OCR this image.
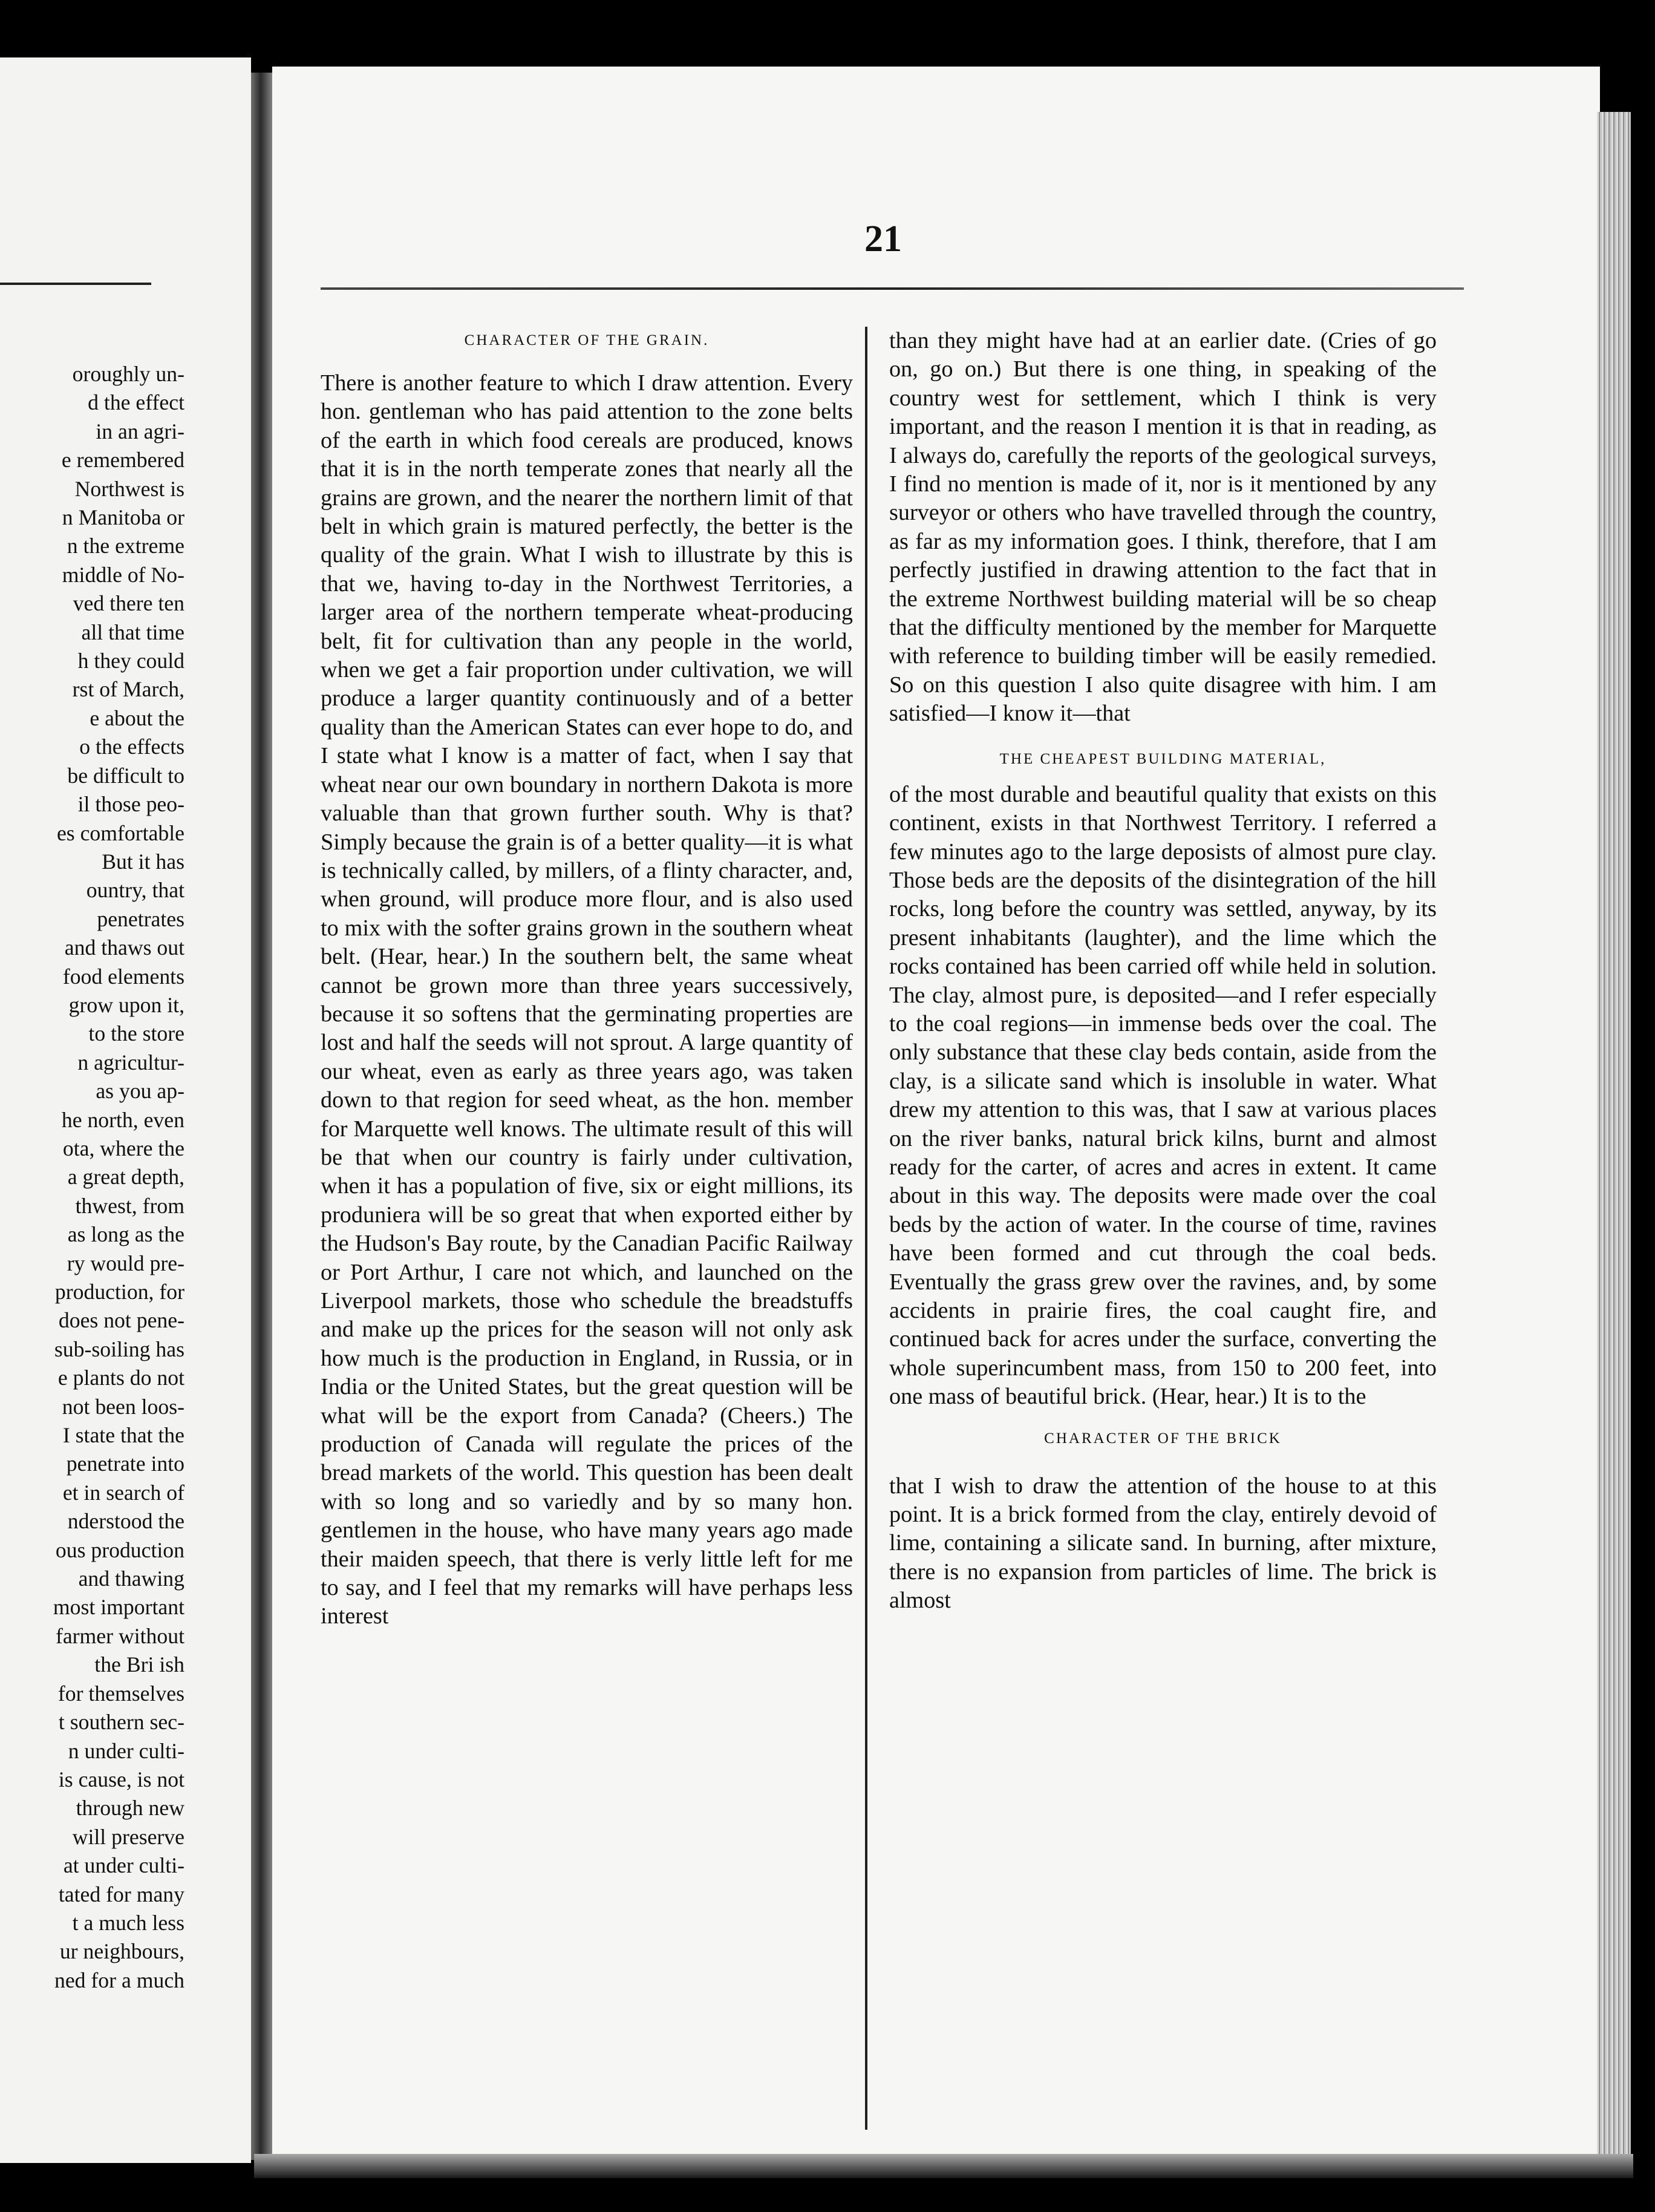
oroughly un-
d the effect
in an agri-
e remembered
Northwest is
n Manitoba or
n the extreme
middle of No-
ved there ten
all that time
h they could
rst of March,
e about the
o the effects
be difficult to
il those peo-
es comfortable
But it has
ountry, that
penetrates
and thaws out
food elements
grow upon it,
to the store
n agricultur-
as you ap-
he north, even
ota, where the
a great depth,
thwest, from
as long as the
ry would pre-
production, for
does not pene-
sub-soiling has
e plants do not
not been loos-
I state that the
penetrate into
et in search of
nderstood the
ous production
and thawing
most important
farmer without
the Bri ish
for themselves
t southern sec-
n under culti-
is cause, is not
through new
will preserve
at under culti-
tated for many
t a much less
ur neighbours,
ned for a much
21

CHARACTER OF THE GRAIN.

There is another feature to which I draw attention. Every hon. gentleman who has paid attention to the zone belts of the earth in which food cereals are produced, knows that it is in the north temperate zones that nearly all the grains are grown, and the nearer the northern limit of that belt in which grain is matured perfectly, the better is the quality of the grain. What I wish to illustrate by this is that we, having to-day in the Northwest Territories, a larger area of the northern temperate wheat-producing belt, fit for cultivation than any people in the world, when we get a fair proportion under cultivation, we will produce a larger quantity continuously and of a better quality than the American States can ever hope to do, and I state what I know is a matter of fact, when I say that wheat near our own boundary in northern Dakota is more valuable than that grown further south. Why is that? Simply because the grain is of a better quality—it is what is technically called, by millers, of a flinty character, and, when ground, will produce more flour, and is also used to mix with the softer grains grown in the southern wheat belt. (Hear, hear.) In the southern belt, the same wheat cannot be grown more than three years successively, because it so softens that the germinating properties are lost and half the seeds will not sprout. A large quantity of our wheat, even as early as three years ago, was taken down to that region for seed wheat, as the hon. member for Marquette well knows. The ultimate result of this will be that when our country is fairly under cultivation, when it has a population of five, six or eight millions, its produniera will be so great that when exported either by the Hudson's Bay route, by the Canadian Pacific Railway or Port Arthur, I care not which, and launched on the Liverpool markets, those who schedule the breadstuffs and make up the prices for the season will not only ask how much is the production in England, in Russia, or in India or the United States, but the great question will be what will be the export from Canada? (Cheers.) The production of Canada will regulate the prices of the bread markets of the world. This question has been dealt with so long and so variedly and by so many hon. gentlemen in the house, who have many years ago made their maiden speech, that there is verly little left for me to say, and I feel that my remarks will have perhaps less interest

than they might have had at an earlier date. (Cries of go on, go on.) But there is one thing, in speaking of the country west for settlement, which I think is very important, and the reason I mention it is that in reading, as I always do, carefully the reports of the geological surveys, I find no mention is made of it, nor is it mentioned by any surveyor or others who have travelled through the country, as far as my information goes. I think, therefore, that I am perfectly justified in drawing attention to the fact that in the extreme Northwest building material will be so cheap that the difficulty mentioned by the member for Marquette with reference to building timber will be easily remedied. So on this question I also quite disagree with him. I am satisfied—I know it—that

THE CHEAPEST BUILDING MATERIAL,

of the most durable and beautiful quality that exists on this continent, exists in that Northwest Territory. I referred a few minutes ago to the large deposists of almost pure clay. Those beds are the deposits of the disintegration of the hill rocks, long before the country was settled, anyway, by its present inhabitants (laughter), and the lime which the rocks contained has been carried off while held in solution. The clay, almost pure, is deposited—and I refer especially to the coal regions—in immense beds over the coal. The only substance that these clay beds contain, aside from the clay, is a silicate sand which is insoluble in water. What drew my attention to this was, that I saw at various places on the river banks, natural brick kilns, burnt and almost ready for the carter, of acres and acres in extent. It came about in this way. The deposits were made over the coal beds by the action of water. In the course of time, ravines have been formed and cut through the coal beds. Eventually the grass grew over the ravines, and, by some accidents in prairie fires, the coal caught fire, and continued back for acres under the surface, converting the whole superincumbent mass, from 150 to 200 feet, into one mass of beautiful brick. (Hear, hear.) It is to the

CHARACTER OF THE BRICK

that I wish to draw the attention of the house to at this point. It is a brick formed from the clay, entirely devoid of lime, containing a silicate sand. In burning, after mixture, there is no expansion from particles of lime. The brick is almost
